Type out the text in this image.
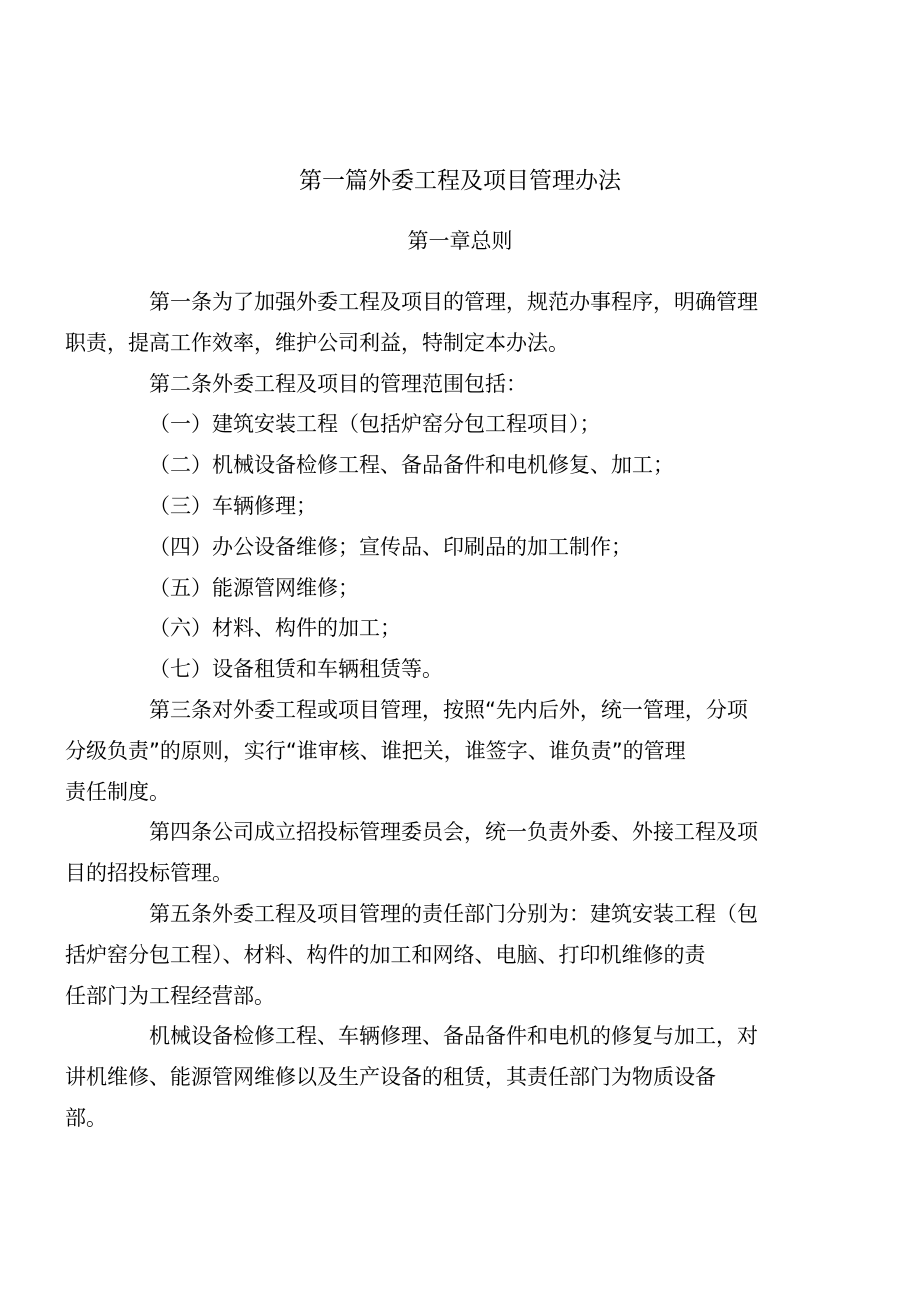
第一篇外委工程及项目管理办法
第一章总则
第一条为了加强外委工程及项目的管理，规范办事程序，明确管理
职责，提高工作效率，维护公司利益，特制定本办法。
第二条外委工程及项目的管理范围包括：
（一）建筑安装工程（包括炉窑分包工程项目）；
（二）机械设备检修工程、备品备件和电机修复、加工；
（三）车辆修理；
（四）办公设备维修；宣传品、印刷品的加工制作；
（五）能源管网维修；
（六）材料、构件的加工；
（七）设备租赁和车辆租赁等。
第三条对外委工程或项目管理，按照“先内后外，统一管理，分项
分级负责”的原则，实行“谁审核、谁把关，谁签字、谁负责”的管理
责任制度。
第四条公司成立招投标管理委员会，统一负责外委、外接工程及项
目的招投标管理。
第五条外委工程及项目管理的责任部门分别为：建筑安装工程（包
括炉窑分包工程）、材料、构件的加工和网络、电脑、打印机维修的责
任部门为工程经营部。
机械设备检修工程、车辆修理、备品备件和电机的修复与加工，对
讲机维修、能源管网维修以及生产设备的租赁，其责任部门为物质设备
部。
